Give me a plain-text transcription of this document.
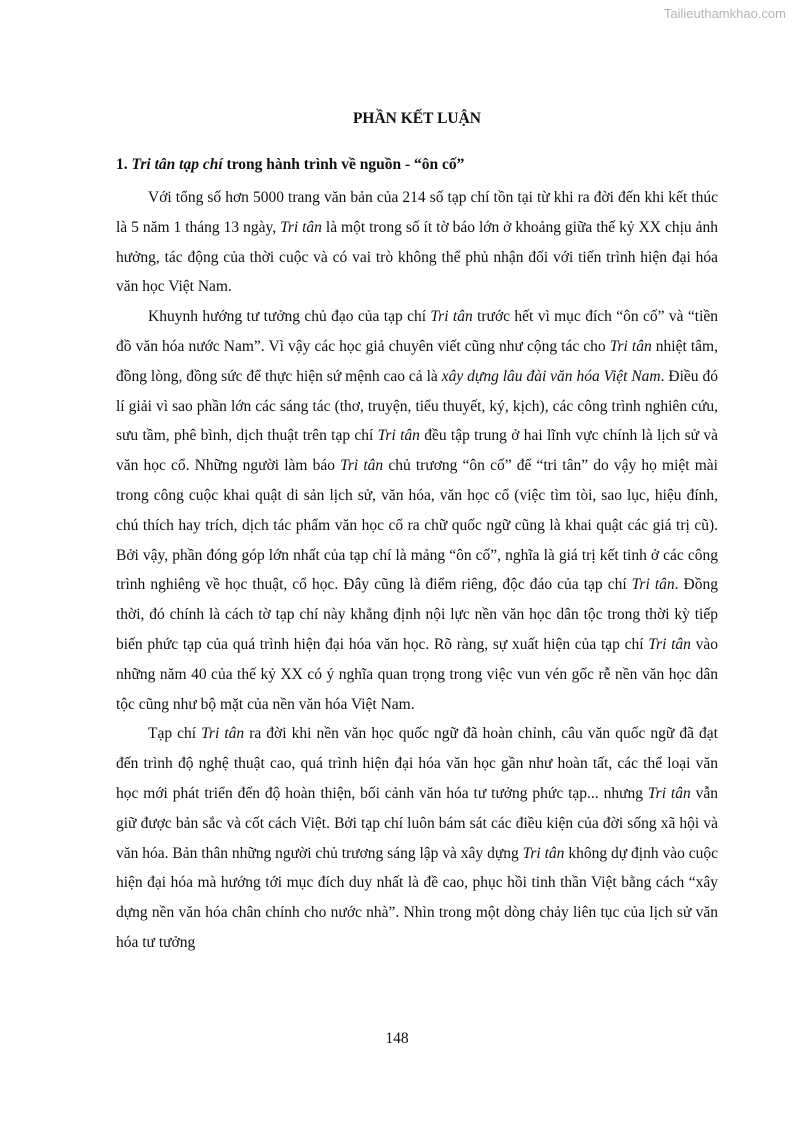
Tailieuthamkhao.com
PHẦN KẾT LUẬN
1. Tri tân tạp chí trong hành trình về nguồn - “ôn cố”

Với tổng số hơn 5000 trang văn bản của 214 số tạp chí tồn tại từ khi ra đời đến khi kết thúc là 5 năm 1 tháng 13 ngày, Tri tân là một trong số ít tờ báo lớn ở khoảng giữa thế kỷ XX chịu ảnh hưởng, tác động của thời cuộc và có vai trò không thể phủ nhận đối với tiến trình hiện đại hóa văn học Việt Nam.

Khuynh hướng tư tưởng chủ đạo của tạp chí Tri tân trước hết vì mục đích “ôn cố” và “tiền đồ văn hóa nước Nam”. Vì vậy các học giả chuyên viết cũng như cộng tác cho Tri tân nhiệt tâm, đồng lòng, đồng sức để thực hiện sứ mệnh cao cả là xây dựng lâu đài văn hóa Việt Nam. Điều đó lí giải vì sao phần lớn các sáng tác (thơ, truyện, tiểu thuyết, ký, kịch), các công trình nghiên cứu, sưu tầm, phê bình, dịch thuật trên tạp chí Tri tân đều tập trung ở hai lĩnh vực chính là lịch sử và văn học cổ. Những người làm báo Tri tân chủ trương “ôn cố” để “tri tân” do vậy họ miệt mài trong công cuộc khai quật di sản lịch sử, văn hóa, văn học cổ (việc tìm tòi, sao lục, hiệu đính, chú thích hay trích, dịch tác phẩm văn học cổ ra chữ quốc ngữ cũng là khai quật các giá trị cũ). Bởi vậy, phần đóng góp lớn nhất của tạp chí là mảng “ôn cố”, nghĩa là giá trị kết tinh ở các công trình nghiêng về học thuật, cổ học. Đây cũng là điểm riêng, độc đáo của tạp chí Tri tân. Đồng thời, đó chính là cách tờ tạp chí này khẳng định nội lực nền văn học dân tộc trong thời kỳ tiếp biến phức tạp của quá trình hiện đại hóa văn học. Rõ ràng, sự xuất hiện của tạp chí Tri tân vào những năm 40 của thế kỷ XX có ý nghĩa quan trọng trong việc vun vén gốc rễ nền văn học dân tộc cũng như bộ mặt của nền văn hóa Việt Nam.

Tạp chí Tri tân ra đời khi nền văn học quốc ngữ đã hoàn chỉnh, câu văn quốc ngữ đã đạt đến trình độ nghệ thuật cao, quá trình hiện đại hóa văn học gần như hoàn tất, các thể loại văn học mới phát triển đến độ hoàn thiện, bối cảnh văn hóa tư tưởng phức tạp... nhưng Tri tân vẫn giữ được bản sắc và cốt cách Việt. Bởi tạp chí luôn bám sát các điều kiện của đời sống xã hội và văn hóa. Bản thân những người chủ trương sáng lập và xây dựng Tri tân không dự định vào cuộc hiện đại hóa mà hướng tới mục đích duy nhất là đề cao, phục hồi tinh thần Việt bằng cách “xây dựng nền văn hóa chân chính cho nước nhà”. Nhìn trong một dòng chảy liên tục của lịch sử văn hóa tư tưởng

148
